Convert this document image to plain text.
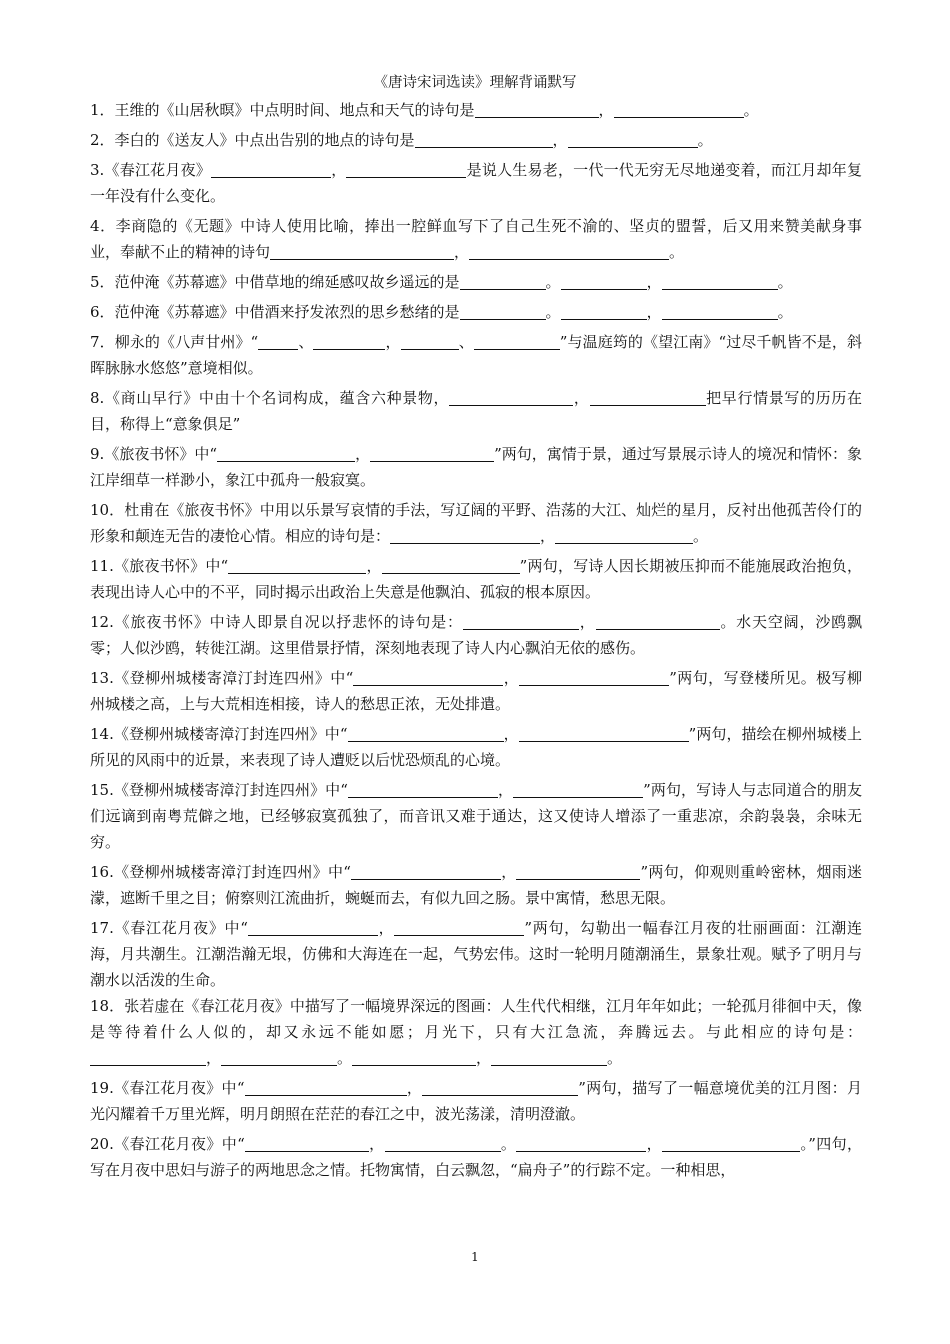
《唐诗宋词选读》理解背诵默写

1．王维的《山居秋暝》中点明时间、地点和天气的诗句是	，	。

2．李白的《送友人》中点出告别的地点的诗句是	，	。

3.《春江花月夜》	，	是说人生易老，一代一代无穷无尽地递变着，而江月却年复一年没有什么变化。

4．李商隐的《无题》中诗人使用比喻，捧出一腔鲜血写下了自己生死不渝的、坚贞的盟誓，后又用来赞美献身事业，奉献不止的精神的诗句	，	。

5．范仲淹《苏幕遮》中借草地的绵延感叹故乡遥远的是	。	，	。

6．范仲淹《苏幕遮》中借酒来抒发浓烈的思乡愁绪的是	。	，	。

7．柳永的《八声甘州》“	、	，	、	”与温庭筠的《望江南》“过尽千帆皆不是，斜晖脉脉水悠悠”意境相似。

8.《商山早行》中由十个名词构成，蕴含六种景物，	，	把早行情景写的历历在目，称得上“意象俱足”

9.《旅夜书怀》中“	，	”两句，寓情于景，通过写景展示诗人的境况和情怀：象江岸细草一样渺小，象江中孤舟一般寂寞。

10．杜甫在《旅夜书怀》中用以乐景写哀情的手法，写辽阔的平野、浩荡的大江、灿烂的星月，反衬出他孤苦伶仃的形象和颠连无告的凄怆心情。相应的诗句是：	，	。

11.《旅夜书怀》中“	，	”两句，写诗人因长期被压抑而不能施展政治抱负，表现出诗人心中的不平，同时揭示出政治上失意是他飘泊、孤寂的根本原因。

12.《旅夜书怀》中诗人即景自况以抒悲怀的诗句是：	，	。水天空阔，沙鸥飘零；人似沙鸥，转徙江湖。这里借景抒情，深刻地表现了诗人内心飘泊无依的感伤。

13.《登柳州城楼寄漳汀封连四州》中“	，	”两句，写登楼所见。极写柳州城楼之高，上与大荒相连相接，诗人的愁思正浓，无处排遣。

14.《登柳州城楼寄漳汀封连四州》中“	，	”两句，描绘在柳州城楼上所见的风雨中的近景，来表现了诗人遭贬以后忧恐烦乱的心境。

15.《登柳州城楼寄漳汀封连四州》中“	，	”两句，写诗人与志同道合的朋友们远谪到南粤荒僻之地，已经够寂寞孤独了，而音讯又难于通达，这又使诗人增添了一重悲凉，余韵袅袅，余味无穷。

16.《登柳州城楼寄漳汀封连四州》中“	，	”两句，仰观则重岭密林，烟雨迷濛，遮断千里之目；俯察则江流曲折，蜿蜒而去，有似九回之肠。景中寓情，愁思无限。

17.《春江花月夜》中“	，	”两句，勾勒出一幅春江月夜的壮丽画面：江潮连海，月共潮生。江潮浩瀚无垠，仿佛和大海连在一起，气势宏伟。这时一轮明月随潮涌生，景象壮观。赋予了明月与潮水以活泼的生命。

18．张若虚在《春江花月夜》中描写了一幅境界深远的图画：人生代代相继，江月年年如此；一轮孤月徘徊中天，像是等待着什么人似的，却又永远不能如愿；月光下，只有大江急流，奔腾远去。与此相应的诗句是：，	。	，	。

19.《春江花月夜》中“	，	”两句，描写了一幅意境优美的江月图：月光闪耀着千万里光辉，明月朗照在茫茫的春江之中，波光荡漾，清明澄澈。

20.《春江花月夜》中“	，	。	，	。”四句，写在月夜中思妇与游子的两地思念之情。托物寓情，白云飘忽，“扁舟子”的行踪不定。一种相思，

1
